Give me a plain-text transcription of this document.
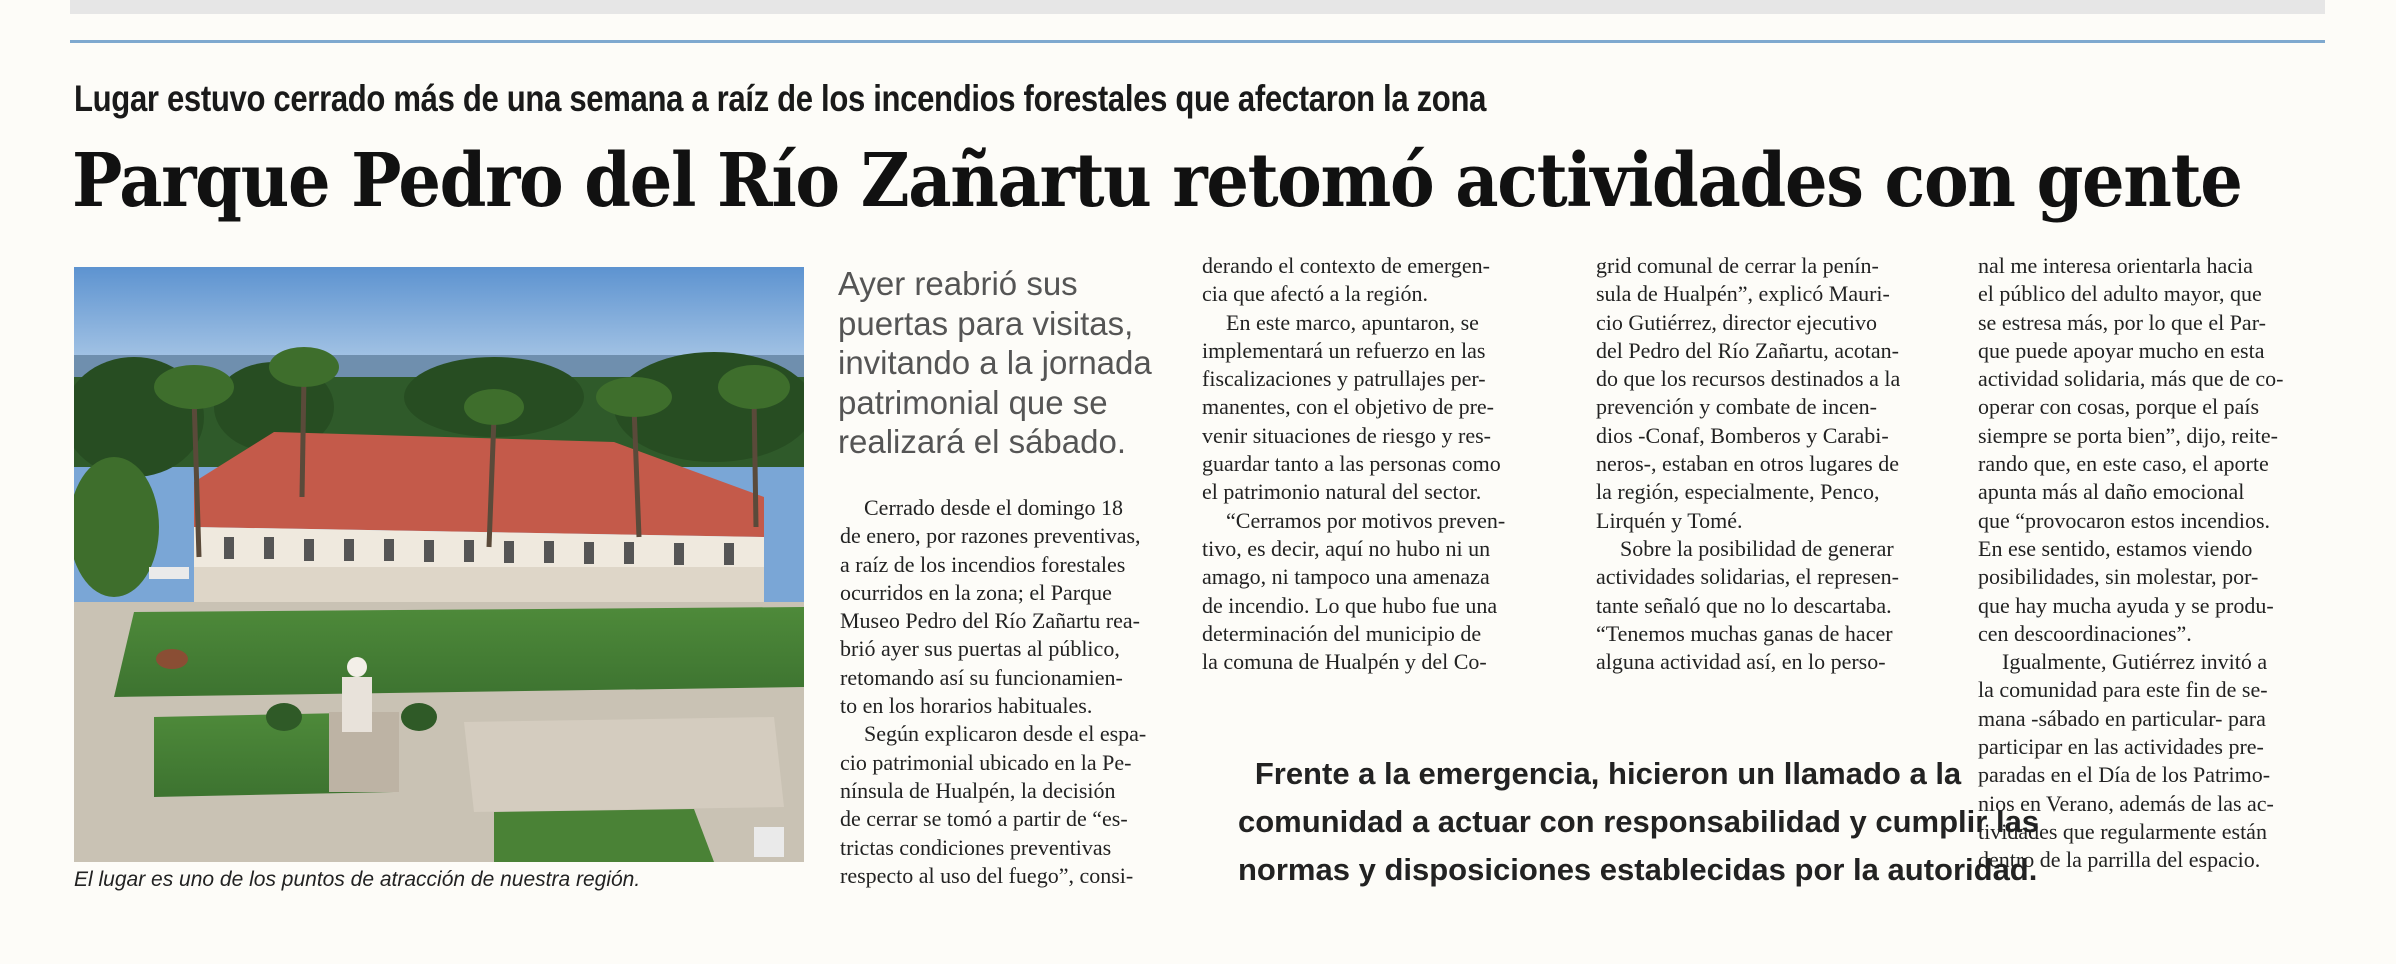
Lugar estuvo cerrado más de una semana a raíz de los incendios forestales que afectaron la zona
Parque Pedro del Río Zañartu retomó actividades con gente
El lugar es uno de los puntos de atracción de nuestra región.
Ayer reabrió sus
puertas para visitas,
invitando a la jornada
patrimonial que se
realizará el sábado.
Cerrado desde el domingo 18
de enero, por razones preventivas,
a raíz de los incendios forestales
ocurridos en la zona; el Parque
Museo Pedro del Río Zañartu rea-
brió ayer sus puertas al público,
retomando así su funcionamien-
to en los horarios habituales.
Según explicaron desde el espa-
cio patrimonial ubicado en la Pe-
nínsula de Hualpén, la decisión
de cerrar se tomó a partir de “es-
trictas condiciones preventivas
respecto al uso del fuego”, consi-
derando el contexto de emergen-
cia que afectó a la región.
En este marco, apuntaron, se
implementará un refuerzo en las
fiscalizaciones y patrullajes per-
manentes, con el objetivo de pre-
venir situaciones de riesgo y res-
guardar tanto a las personas como
el patrimonio natural del sector.
“Cerramos por motivos preven-
tivo, es decir, aquí no hubo ni un
amago, ni tampoco una amenaza
de incendio. Lo que hubo fue una
determinación del municipio de
la comuna de Hualpén y del Co-
grid comunal de cerrar la penín-
sula de Hualpén”, explicó Mauri-
cio Gutiérrez, director ejecutivo
del Pedro del Río Zañartu, acotan-
do que los recursos destinados a la
prevención y combate de incen-
dios -Conaf, Bomberos y Carabi-
neros-, estaban en otros lugares de
la región, especialmente, Penco,
Lirquén y Tomé.
Sobre la posibilidad de generar
actividades solidarias, el represen-
tante señaló que no lo descartaba.
“Tenemos muchas ganas de hacer
alguna actividad así, en lo perso-
nal me interesa orientarla hacia
el público del adulto mayor, que
se estresa más, por lo que el Par-
que puede apoyar mucho en esta
actividad solidaria, más que de co-
operar con cosas, porque el país
siempre se porta bien”, dijo, reite-
rando que, en este caso, el aporte
apunta más al daño emocional
que “provocaron estos incendios.
En ese sentido, estamos viendo
posibilidades, sin molestar, por-
que hay mucha ayuda y se produ-
cen descoordinaciones”.
Igualmente, Gutiérrez invitó a
la comunidad para este fin de se-
mana -sábado en particular- para
participar en las actividades pre-
paradas en el Día de los Patrimo-
nios en Verano, además de las ac-
tividades que regularmente están
dentro de la parrilla del espacio.
Frente a la emergencia, hicieron un llamado a la
comunidad a actuar con responsabilidad y cumplir las
normas y disposiciones establecidas por la autoridad.
